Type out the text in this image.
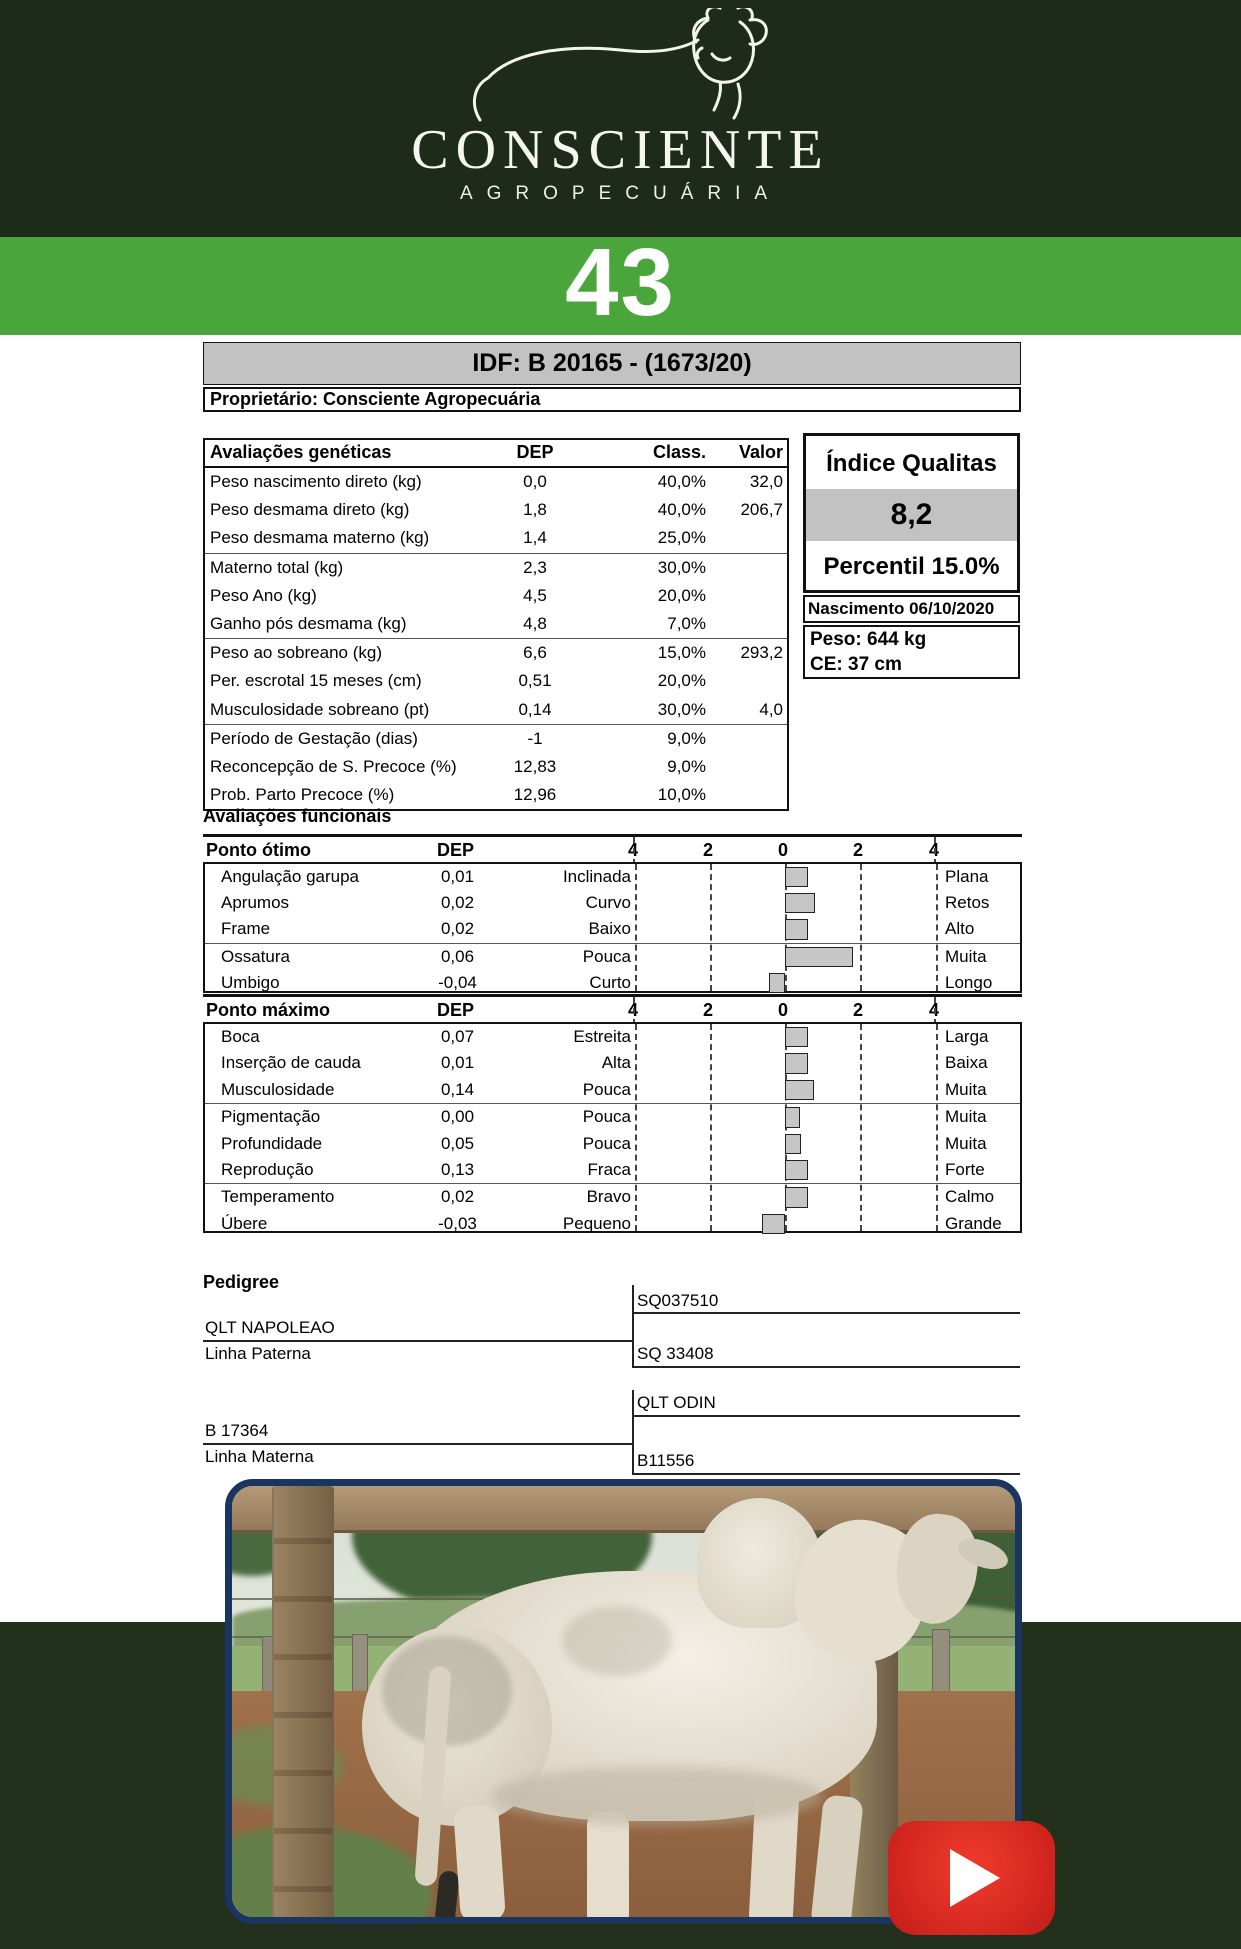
CONSCIENTE
AGROPECUÁRIA
43
IDF: B 20165 - (1673/20)
Proprietário: Consciente Agropecuária
Avaliações genéticas	DEP	Class.	Valor
Peso nascimento direto (kg)	0,0	40,0%	32,0
Peso desmama direto (kg)	1,8	40,0%	206,7
Peso desmama materno (kg)	1,4	25,0%
Materno total (kg)	2,3	30,0%
Peso Ano (kg)	4,5	20,0%
Ganho pós desmama (kg)	4,8	7,0%
Peso ao sobreano (kg)	6,6	15,0%	293,2
Per. escrotal 15 meses (cm)	0,51	20,0%
Musculosidade sobreano (pt)	0,14	30,0%	4,0
Período de Gestação (dias)	-1	9,0%
Reconcepção de S. Precoce (%)	12,83	9,0%
Prob. Parto Precoce (%)	12,96	10,0%
Índice Qualitas
8,2
Percentil 15.0%
Nascimento 06/10/2020
Peso: 644 kg
CE: 37 cm
Avaliações funcionais
Ponto ótimo	DEP	4	2	0	2	4
Angulação garupa	0,01	Inclinada	Plana
Aprumos	0,02	Curvo	Retos
Frame	0,02	Baixo	Alto
Ossatura	0,06	Pouca	Muita
Umbigo	-0,04	Curto	Longo
Ponto máximo	DEP	4	2	0	2	4
Boca	0,07	Estreita	Larga
Inserção de cauda	0,01	Alta	Baixa
Musculosidade	0,14	Pouca	Muita
Pigmentação	0,00	Pouca	Muita
Profundidade	0,05	Pouca	Muita
Reprodução	0,13	Fraca	Forte
Temperamento	0,02	Bravo	Calmo
Úbere	-0,03	Pequeno	Grande
Pedigree
SQ037510
QLT NAPOLEAO
Linha Paterna	SQ 33408
QLT ODIN
B 17364
Linha Materna	B11556
